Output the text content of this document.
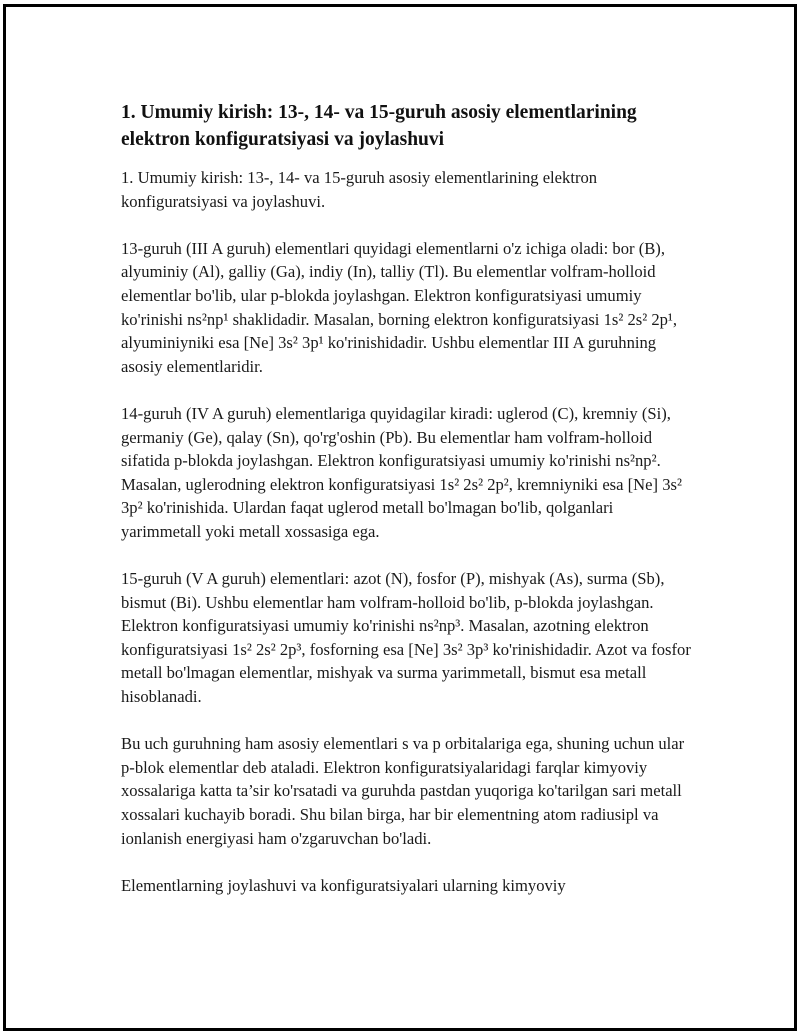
1. Umumiy kirish: 13-, 14- va 15-guruh asosiy elementlarining elektron konfiguratsiyasi va joylashuvi

1. Umumiy kirish: 13-, 14- va 15-guruh asosiy elementlarining elektron konfiguratsiyasi va joylashuvi.

13-guruh (III A guruh) elementlari quyidagi elementlarni o'z ichiga oladi: bor (B), alyuminiy (Al), galliy (Ga), indiy (In), talliy (Tl). Bu elementlar volfram-holloid elementlar bo'lib, ular p-blokda joylashgan. Elektron konfiguratsiyasi umumiy ko'rinishi ns²np¹ shaklidadir. Masalan, borning elektron konfiguratsiyasi 1s² 2s² 2p¹, alyuminiyniki esa [Ne] 3s² 3p¹ ko'rinishidadir. Ushbu elementlar III A guruhning asosiy elementlaridir.

14-guruh (IV A guruh) elementlariga quyidagilar kiradi: uglerod (C), kremniy (Si), germaniy (Ge), qalay (Sn), qo'rg'oshin (Pb). Bu elementlar ham volfram-holloid sifatida p-blokda joylashgan. Elektron konfiguratsiyasi umumiy ko'rinishi ns²np². Masalan, uglerodning elektron konfiguratsiyasi 1s² 2s² 2p², kremniyniki esa [Ne] 3s² 3p² ko'rinishida. Ulardan faqat uglerod metall bo'lmagan bo'lib, qolganlari yarimmetall yoki metall xossasiga ega.

15-guruh (V A guruh) elementlari: azot (N), fosfor (P), mishyak (As), surma (Sb), bismut (Bi). Ushbu elementlar ham volfram-holloid bo'lib, p-blokda joylashgan. Elektron konfiguratsiyasi umumiy ko'rinishi ns²np³. Masalan, azotning elektron konfiguratsiyasi 1s² 2s² 2p³, fosforning esa [Ne] 3s² 3p³ ko'rinishidadir. Azot va fosfor metall bo'lmagan elementlar, mishyak va surma yarimmetall, bismut esa metall hisoblanadi.

Bu uch guruhning ham asosiy elementlari s va p orbitalariga ega, shuning uchun ular p-blok elementlar deb ataladi. Elektron konfiguratsiyalaridagi farqlar kimyoviy xossalariga katta ta’sir ko'rsatadi va guruhda pastdan yuqoriga ko'tarilgan sari metall xossalari kuchayib boradi. Shu bilan birga, har bir elementning atom radiusipl va ionlanish energiyasi ham o'zgaruvchan bo'ladi.

Elementlarning joylashuvi va konfiguratsiyalari ularning kimyoviy
